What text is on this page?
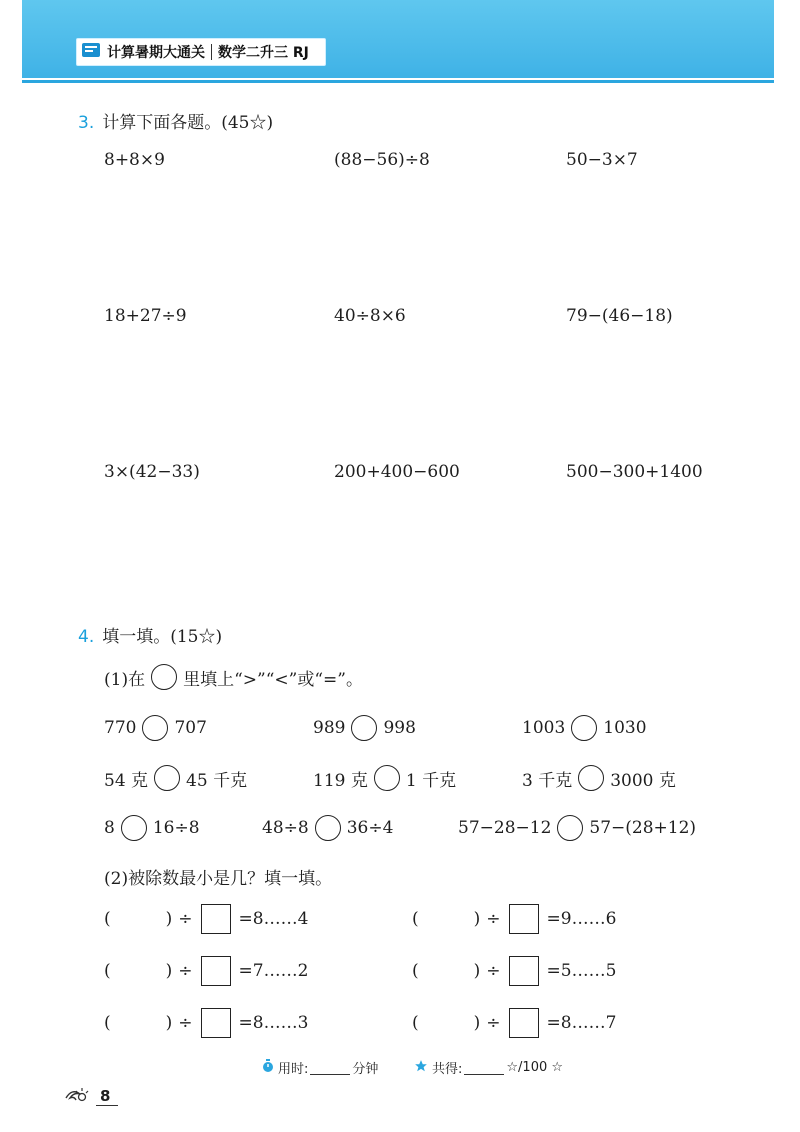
计算暑期大通关 数学二升三 RJ
3. 计算下面各题。(45☆)
8+8×9	(88−56)÷8	50−3×7
18+27÷9	40÷8×6	79−(46−18)
3×(42−33)	200+400−600	500−300+1400
4. 填一填。(15☆)
(1)在 里填上“>”“<”或“=”。
770 707	989 998	1003 1030
54 克 45 千克	119 克 1 千克	3 千克 3000 克
8 16÷8	48÷8 36÷4	57−28−12 57−(28+12)
(2)被除数最小是几？填一填。
(	) ÷	=8……4	(	) ÷	=9……6
(	) ÷	=7……2	(	) ÷	=5……5
(	) ÷	=8……3	(	) ÷	=8……7
用时:	分钟	共得:	☆/100 ☆
8
